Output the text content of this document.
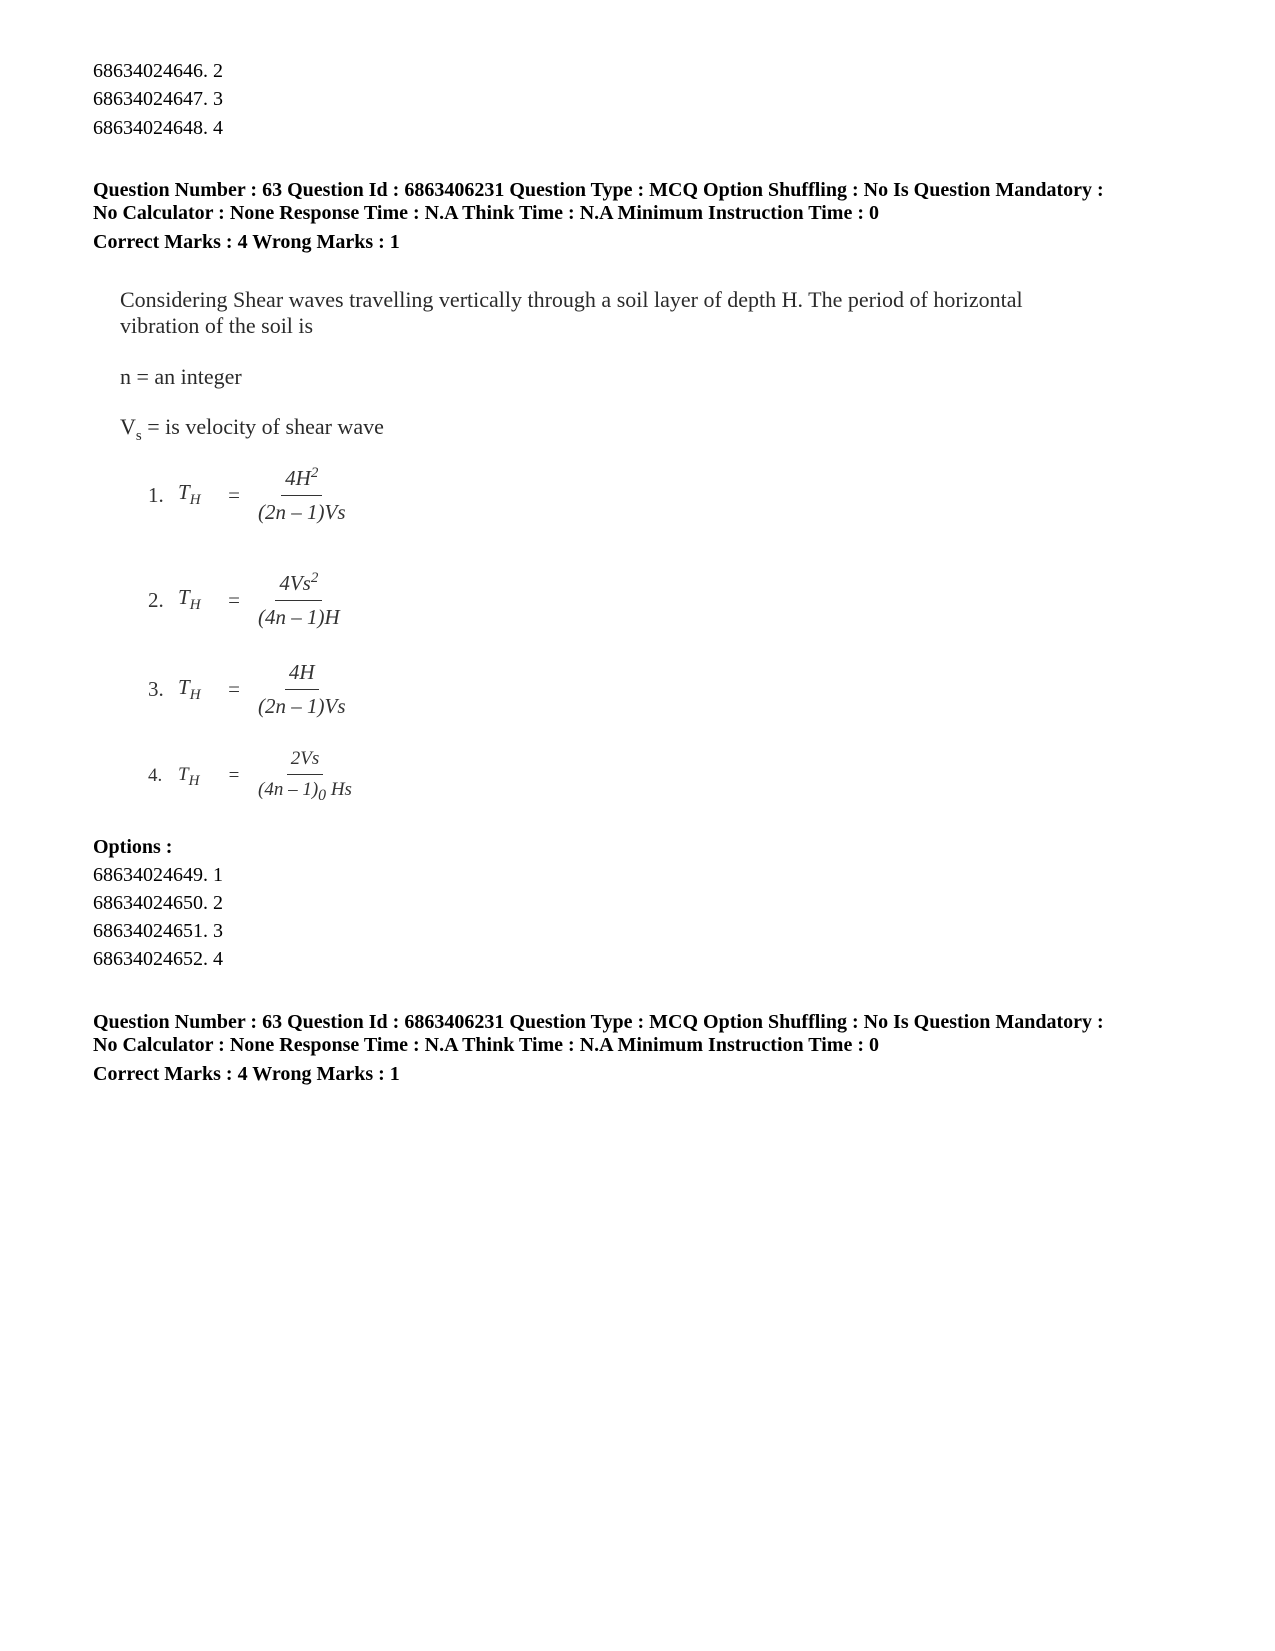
68634024646. 2
68634024647. 3
68634024648. 4
Question Number : 63 Question Id : 6863406231 Question Type : MCQ Option Shuffling : No Is Question Mandatory :
No Calculator : None Response Time : N.A Think Time : N.A Minimum Instruction Time : 0
Correct Marks : 4 Wrong Marks : 1
Considering Shear waves travelling vertically through a soil layer of depth H. The period of horizontal
vibration of the soil is
n = an integer
$V_s$ = is velocity of shear wave
1. $T_H$	= $\frac{4H^2}{(2n - 1)Vs}$
2. $T_H$	= $\frac{4Vs^2}{(4n - 1)H}$
3. $T_H$	= $\frac{4H}{(2n - 1)Vs}$
4. $T_H$	= $\frac{2Vs}{(4n - 1)_0 Hs}$
Options :
68634024649. 1
68634024650. 2
68634024651. 3
68634024652. 4
Question Number : 63 Question Id : 6863406231 Question Type : MCQ Option Shuffling : No Is Question Mandatory :
No Calculator : None Response Time : N.A Think Time : N.A Minimum Instruction Time : 0
Correct Marks : 4 Wrong Marks : 1
